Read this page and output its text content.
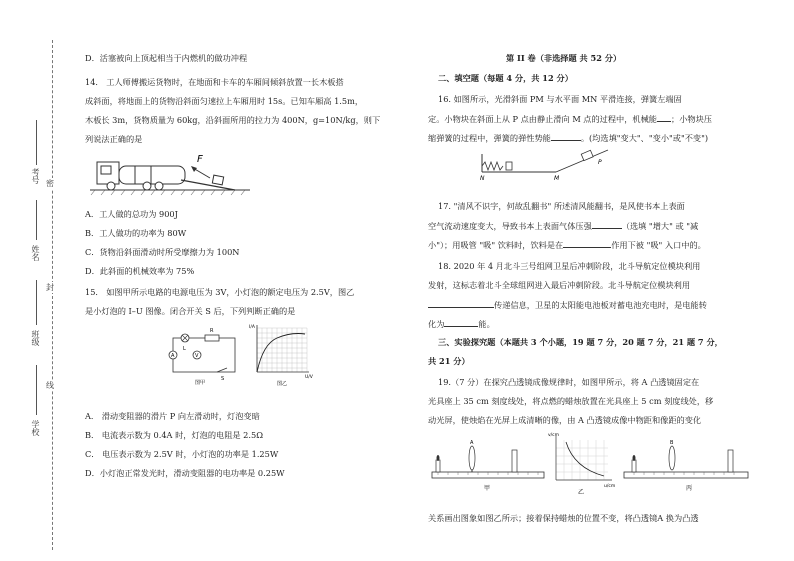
学校
班级
姓名
考号 密
封
线
D．活塞被向上顶起相当于内燃机的做功冲程
14． 工人师傅搬运货物时，在地面和卡车的车厢间倾斜放置一长木板搭
成斜面，将地面上的货物沿斜面匀速拉上车厢用时 15s。已知车厢高 1.5m，
木板长 3m，货物质量为 60kg，沿斜面所用的拉力为 400N，g=10N/kg，则下
列说法正确的是
F
A．工人做的总功为 900J
B．工人做功的功率为 80W
C．货物沿斜面滑动时所受摩擦力为 100N
D．此斜面的机械效率为 75%
15． 如图甲所示电路的电源电压为 3V，小灯泡的额定电压为 2.5V，图乙
是小灯泡的 I–U 图像。闭合开关 S 后，下列判断正确的是
L
R
A	V
S
图甲
I/A
U/V
图乙
A． 滑动变阻器的滑片 P 向左滑动时，灯泡变暗
B． 电流表示数为 0.4A 时，灯泡的电阻是 2.5Ω
C． 电压表示数为 2.5V 时，小灯泡的功率是 1.25W
D．小灯泡正常发光时，滑动变阻器的电功率是 0.25W
第 II 卷（非选择题 共 52 分）
二、填空题（每题 4 分，共 12 分）
16. 如图所示，光滑斜面 PM 与水平面 MN 平滑连接，弹簧左端固
定。小物块在斜面上从 P 点由静止滑向 M 点的过程中，机械能 ；小物块压
缩弹簧的过程中，弹簧的弹性势能	。(均选填"变大"、"变小"或"不变")
N	M
P
17. "清风不识字，何故乱翻书" 所述清风能翻书，是风使书本上表面
空气流动速度变大，导致书本上表面气体压强	（选填 "增大" 或 "减
小"）；用吸管 "吸" 饮料时，饮料是在	作用下被 "吸" 入口中的。
18. 2020 年 4 月北斗三号组网卫星后冲刺阶段，北斗导航定位模块利用
发射，这标志着北斗全球组网进入最后冲刺阶段。北斗导航定位模块利用
传递信息，卫星的太阳能电池板对蓄电池充电时，是电能转
化为	能。
三、实验探究题（本题共 3 个小题，19 题 7 分，20 题 7 分，21 题 7 分，
共 21 分）
19.（7 分）在探究凸透镜成像规律时，如图甲所示，将 A 凸透镜固定在
光具座上 35 cm 刻度线处，将点燃的蜡烛放置在光具座上 5 cm 刻度线处，移
动光屏，使烛焰在光屏上成清晰的像，由 A 凸透镜成像中物距和像距的变化
A
甲
v/cm
u/cm
乙
B
丙
关系画出图象如图乙所示；接着保持蜡烛的位置不变，将凸透镜A 换为凸透
